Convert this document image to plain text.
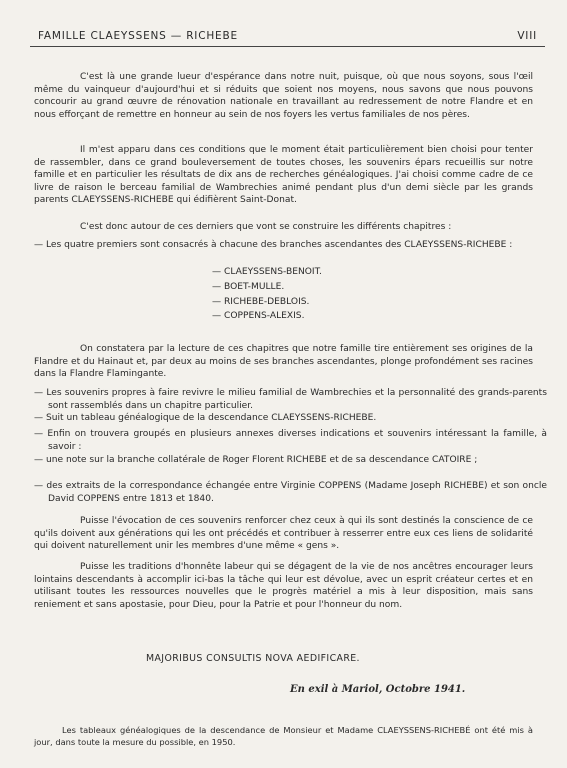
FAMILLE CLAEYSSENS — RICHEBE	VIII

C'est là une grande lueur d'espérance dans notre nuit, puisque, où que nous soyons, sous l'œil même du vainqueur d'aujourd'hui et si réduits que soient nos moyens, nous savons que nous pouvons concourir au grand œuvre de rénovation nationale en travaillant au redressement de notre Flandre et en nous efforçant de remettre en honneur au sein de nos foyers les vertus familiales de nos pères.

Il m'est apparu dans ces conditions que le moment était particulièrement bien choisi pour tenter de rassembler, dans ce grand bouleversement de toutes choses, les souvenirs épars recueillis sur notre famille et en particulier les résultats de dix ans de recherches généalogiques. J'ai choisi comme cadre de ce livre de raison le berceau familial de Wambrechies animé pendant plus d'un demi siècle par les grands parents CLAEYSSENS-RICHEBE qui édifièrent Saint-Donat.

C'est donc autour de ces derniers que vont se construire les différents chapitres :

— Les quatre premiers sont consacrés à chacune des branches ascendantes des CLAEYSSENS-RICHEBE :

— CLAEYSSENS-BENOIT.
— BOET-MULLE.
— RICHEBE-DEBLOIS.
— COPPENS-ALEXIS.

On constatera par la lecture de ces chapitres que notre famille tire entièrement ses origines de la Flandre et du Hainaut et, par deux au moins de ses branches ascendantes, plonge profondément ses racines dans la Flandre Flamingante.

— Les souvenirs propres à faire revivre le milieu familial de Wambrechies et la personnalité des grands-parents sont rassemblés dans un chapitre particulier.

— Suit un tableau généalogique de la descendance CLAEYSSENS-RICHEBE.

— Enfin on trouvera groupés en plusieurs annexes diverses indications et souvenirs intéressant la famille, à savoir :

— une note sur la branche collatérale de Roger Florent RICHEBE et de sa descendance CATOIRE ;

— des extraits de la correspondance échangée entre Virginie COPPENS (Madame Joseph RICHEBE) et son oncle David COPPENS entre 1813 et 1840.

Puisse l'évocation de ces souvenirs renforcer chez ceux à qui ils sont destinés la conscience de ce qu'ils doivent aux générations qui les ont précédés et contribuer à resserrer entre eux ces liens de solidarité qui doivent naturellement unir les membres d'une même « gens ».

Puisse les traditions d'honnête labeur qui se dégagent de la vie de nos ancêtres encourager leurs lointains descendants à accomplir ici-bas la tâche qui leur est dévolue, avec un esprit créateur certes et en utilisant toutes les ressources nouvelles que le progrès matériel a mis à leur disposition, mais sans reniement et sans apostasie, pour Dieu, pour la Patrie et pour l'honneur du nom.

MAJORIBUS CONSULTIS NOVA AEDIFICARE.
En exil à Mariol, Octobre 1941.

Les tableaux généalogiques de la descendance de Monsieur et Madame CLAEYSSENS-RICHEBÉ ont été mis à jour, dans toute la mesure du possible, en 1950.
